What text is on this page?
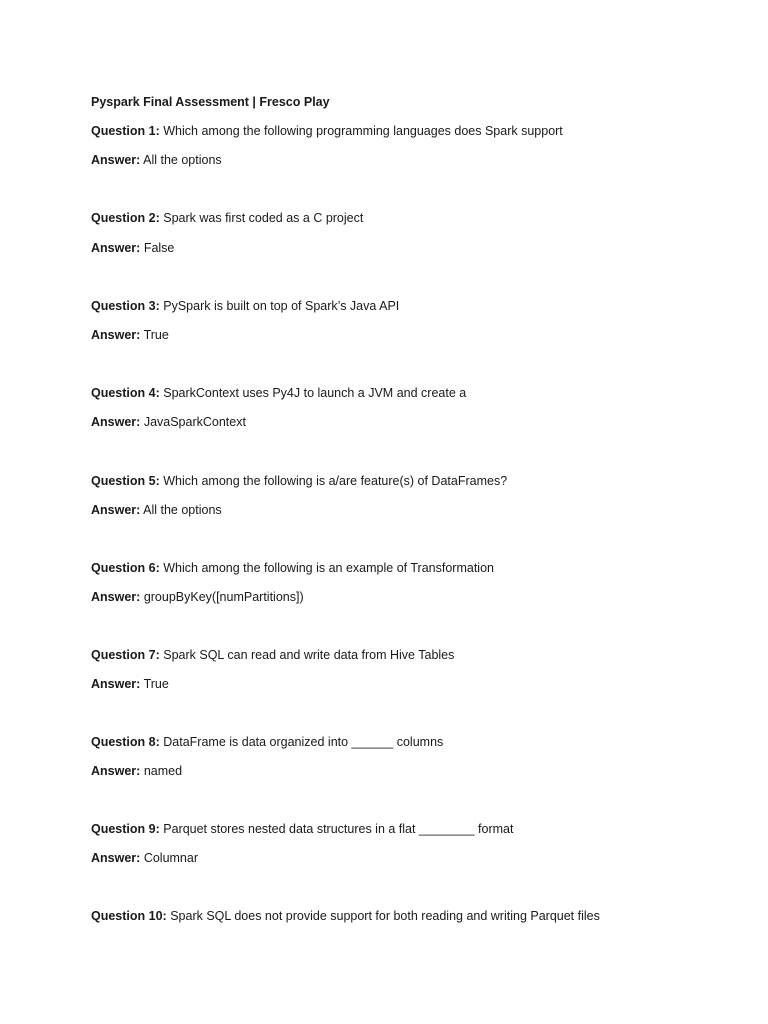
Pyspark Final Assessment | Fresco Play
Question 1: Which among the following programming languages does Spark support
Answer: All the options
Question 2: Spark was first coded as a C project
Answer: False
Question 3: PySpark is built on top of Spark’s Java API
Answer: True
Question 4: SparkContext uses Py4J to launch a JVM and create a
Answer: JavaSparkContext
Question 5: Which among the following is a/are feature(s) of DataFrames?
Answer: All the options
Question 6: Which among the following is an example of Transformation
Answer: groupByKey([numPartitions])
Question 7: Spark SQL can read and write data from Hive Tables
Answer: True
Question 8: DataFrame is data organized into ______ columns
Answer: named
Question 9: Parquet stores nested data structures in a flat ________ format
Answer: Columnar
Question 10: Spark SQL does not provide support for both reading and writing Parquet files
